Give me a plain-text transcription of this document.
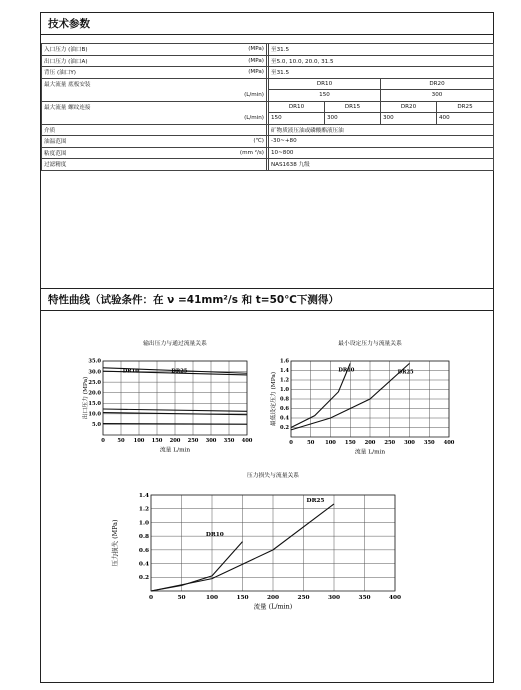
技术参数
入口压力 (油口B)	(MPa)		至31.5			
出口压力 (油口A)	(MPa)		至5.0, 10.0, 20.0, 31.5			
背压 (油口Y)	(MPa)		至31.5			
最大流量 底板安装			DR10		DR20	
(L/min)			150		300	
最大流量 螺纹连接			DR10	DR15	DR20	DR25
(L/min)			150	300	300	400
介质			矿物质液压油或磷酸酯液压油			
油温范围	(℃)		-30~+80			
粘度范围	(mm ²/s)		10~800			
过滤精度			NAS1638 九级			
特性曲线（试验条件：在 ν =41mm²/s 和 t=50℃下测得）
输出压力与通过流量关系
0 50 100 150 200 250 300 350 400
5.0
10.0
15.0
20.0
25.0
30.0
35.0
DR10	DR25
流量 L/min
出口压力 (MPa)
最小设定压力与流量关系
0	50 100 150 200 250 300 350 400
0.2
0.4
0.6
0.8
1.0
1.2
1.4
1.6
DR10	DR25
流量 L/min
最低设定压力 (MPa)
压力损失与流量关系
0	50	100	150	200	250	300	350	400
0.2
0.4
0.6
0.8
1.0
1.2
1.4
DR10
DR25
流量 (L/min)
压力损失 (MPa)
